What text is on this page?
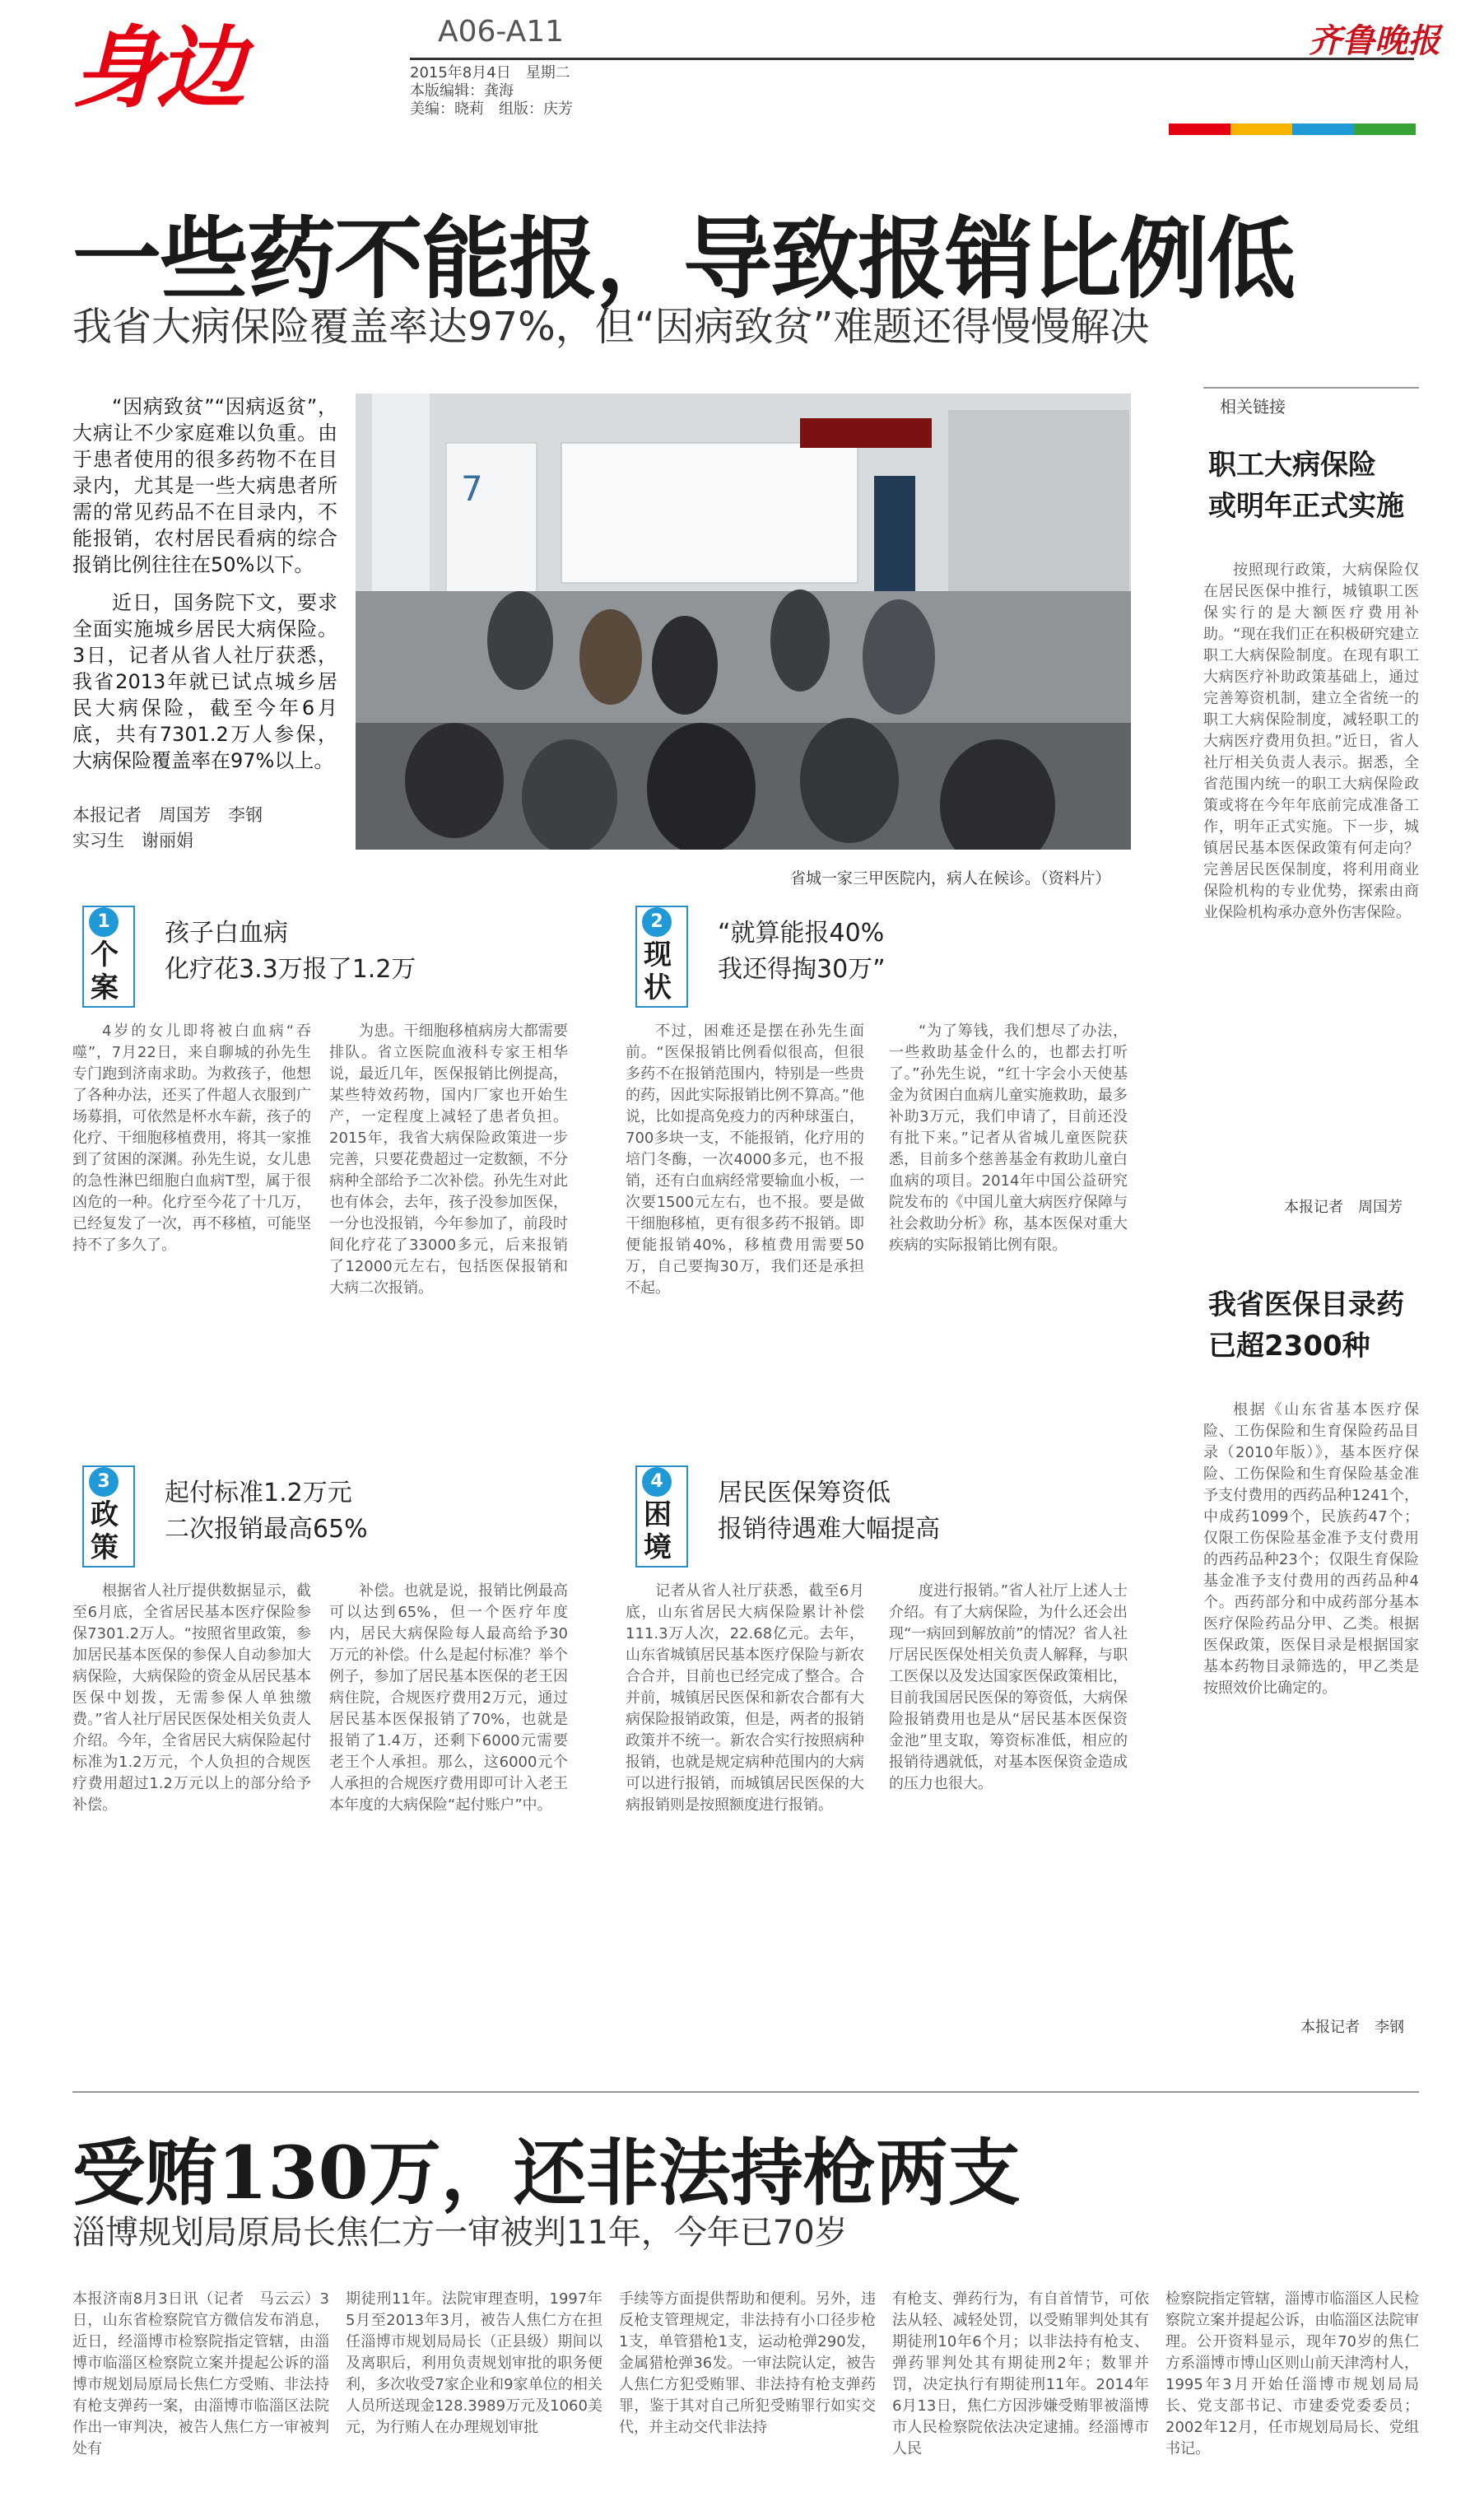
身边	A06-A11
2015年8月4日　星期二
本版编辑：龚海
美编：晓莉　组版：庆芳
齐鲁晚报
一些药不能报，导致报销比例低
我省大病保险覆盖率达97%，但“因病致贫”难题还得慢慢解决

“因病致贫”“因病返贫”，大病让不少家庭难以负重。由于患者使用的很多药物不在目录内，尤其是一些大病患者所需的常见药品不在目录内，不能报销，农村居民看病的综合报销比例往往在50%以下。

近日，国务院下文，要求全面实施城乡居民大病保险。3日，记者从省人社厅获悉，我省2013年就已试点城乡居民大病保险，截至今年6月底，共有7301.2万人参保，大病保险覆盖率在97%以上。

本报记者　周国芳　李钢
实习生　谢丽娟
7
省城一家三甲医院内，病人在候诊。（资料片）
1
个案
孩子白血病
化疗花3.3万报了1.2万
4岁的女儿即将被白血病“吞噬”，7月22日，来自聊城的孙先生专门跑到济南求助。为救孩子，他想了各种办法，还买了件超人衣服到广场募捐，可依然是杯水车薪，孩子的化疗、干细胞移植费用，将其一家推到了贫困的深渊。孙先生说，女儿患的急性淋巴细胞白血病T型，属于很凶危的一种。化疗至今花了十几万，已经复发了一次，再不移植，可能坚持不了多久了。
为患。干细胞移植病房大都需要排队。省立医院血液科专家王相华说，最近几年，医保报销比例提高，某些特效药物，国内厂家也开始生产，一定程度上减轻了患者负担。2015年，我省大病保险政策进一步完善，只要花费超过一定数额，不分病种全部给予二次补偿。孙先生对此也有体会，去年，孩子没参加医保，一分也没报销，今年参加了，前段时间化疗花了33000多元，后来报销了12000元左右，包括医保报销和大病二次报销。
2
现状
“就算能报40%
我还得掏30万”
不过，困难还是摆在孙先生面前。“医保报销比例看似很高，但很多药不在报销范围内，特别是一些贵的药，因此实际报销比例不算高。”他说，比如提高免疫力的丙种球蛋白，700多块一支，不能报销，化疗用的培门冬酶，一次4000多元，也不报销，还有白血病经常要输血小板，一次要1500元左右，也不报。要是做干细胞移植，更有很多药不报销。即便能报销40%，移植费用需要50万，自己要掏30万，我们还是承担不起。
“为了筹钱，我们想尽了办法，一些救助基金什么的，也都去打听了。”孙先生说，“红十字会小天使基金为贫困白血病儿童实施救助，最多补助3万元，我们申请了，目前还没有批下来。”记者从省城儿童医院获悉，目前多个慈善基金有救助儿童白血病的项目。2014年中国公益研究院发布的《中国儿童大病医疗保障与社会救助分析》称，基本医保对重大疾病的实际报销比例有限。
3
政策
起付标准1.2万元
二次报销最高65%
根据省人社厅提供数据显示，截至6月底，全省居民基本医疗保险参保7301.2万人。“按照省里政策，参加居民基本医保的参保人自动参加大病保险，大病保险的资金从居民基本医保中划拨，无需参保人单独缴费。”省人社厅居民医保处相关负责人介绍。今年，全省居民大病保险起付标准为1.2万元，个人负担的合规医疗费用超过1.2万元以上的部分给予补偿。
补偿。也就是说，报销比例最高可以达到65%，但一个医疗年度内，居民大病保险每人最高给予30万元的补偿。什么是起付标准？举个例子，参加了居民基本医保的老王因病住院，合规医疗费用2万元，通过居民基本医保报销了70%，也就是报销了1.4万，还剩下6000元需要老王个人承担。那么，这6000元个人承担的合规医疗费用即可计入老王本年度的大病保险“起付账户”中。
4
困境
居民医保筹资低
报销待遇难大幅提高
记者从省人社厅获悉，截至6月底，山东省居民大病保险累计补偿111.3万人次，22.68亿元。去年，山东省城镇居民基本医疗保险与新农合合并，目前也已经完成了整合。合并前，城镇居民医保和新农合都有大病保险报销政策，但是，两者的报销政策并不统一。新农合实行按照病种报销，也就是规定病种范围内的大病可以进行报销，而城镇居民医保的大病报销则是按照额度进行报销。
度进行报销。”省人社厅上述人士介绍。有了大病保险，为什么还会出现“一病回到解放前”的情况？省人社厅居民医保处相关负责人解释，与职工医保以及发达国家医保政策相比，目前我国居民医保的筹资低，大病保险报销费用也是从“居民基本医保资金池”里支取，筹资标准低，相应的报销待遇就低，对基本医保资金造成的压力也很大。
相关链接
职工大病保险
或明年正式实施
按照现行政策，大病保险仅在居民医保中推行，城镇职工医保实行的是大额医疗费用补助。“现在我们正在积极研究建立职工大病保险制度。在现有职工大病医疗补助政策基础上，通过完善筹资机制，建立全省统一的职工大病保险制度，减轻职工的大病医疗费用负担。”近日，省人社厅相关负责人表示。据悉，全省范围内统一的职工大病保险政策或将在今年年底前完成准备工作，明年正式实施。下一步，城镇居民基本医保政策有何走向？完善居民医保制度，将利用商业保险机构的专业优势，探索由商业保险机构承办意外伤害保险。
本报记者　周国芳
我省医保目录药
已超2300种
根据《山东省基本医疗保险、工伤保险和生育保险药品目录（2010年版）》，基本医疗保险、工伤保险和生育保险基金准予支付费用的西药品种1241个，中成药1099个，民族药47个；仅限工伤保险基金准予支付费用的西药品种23个；仅限生育保险基金准予支付费用的西药品种4个。西药部分和中成药部分基本医疗保险药品分甲、乙类。根据医保政策，医保目录是根据国家基本药物目录筛选的，甲乙类是按照效价比确定的。
本报记者　李钢
受贿130万，还非法持枪两支
淄博规划局原局长焦仁方一审被判11年，今年已70岁
本报济南8月3日讯（记者　马云云）3日，山东省检察院官方微信发布消息，近日，经淄博市检察院指定管辖，由淄博市临淄区检察院立案并提起公诉的淄博市规划局原局长焦仁方受贿、非法持有枪支弹药一案，由淄博市临淄区法院作出一审判决，被告人焦仁方一审被判处有
期徒刑11年。法院审理查明，1997年5月至2013年3月，被告人焦仁方在担任淄博市规划局局长（正县级）期间以及离职后，利用负责规划审批的职务便利，多次收受7家企业和9家单位的相关人员所送现金128.3989万元及1060美元，为行贿人在办理规划审批
手续等方面提供帮助和便利。另外，违反枪支管理规定，非法持有小口径步枪1支，单管猎枪1支，运动枪弹290发，金属猎枪弹36发。一审法院认定，被告人焦仁方犯受贿罪、非法持有枪支弹药罪，鉴于其对自己所犯受贿罪行如实交代，并主动交代非法持
有枪支、弹药行为，有自首情节，可依法从轻、减轻处罚，以受贿罪判处其有期徒刑10年6个月；以非法持有枪支、弹药罪判处其有期徒刑2年；数罪并罚，决定执行有期徒刑11年。2014年6月13日，焦仁方因涉嫌受贿罪被淄博市人民检察院依法决定逮捕。经淄博市人民
检察院指定管辖，淄博市临淄区人民检察院立案并提起公诉，由临淄区法院审理。公开资料显示，现年70岁的焦仁方系淄博市博山区则山前天津湾村人，1995年3月开始任淄博市规划局局长、党支部书记、市建委党委委员；2002年12月，任市规划局局长、党组书记。
